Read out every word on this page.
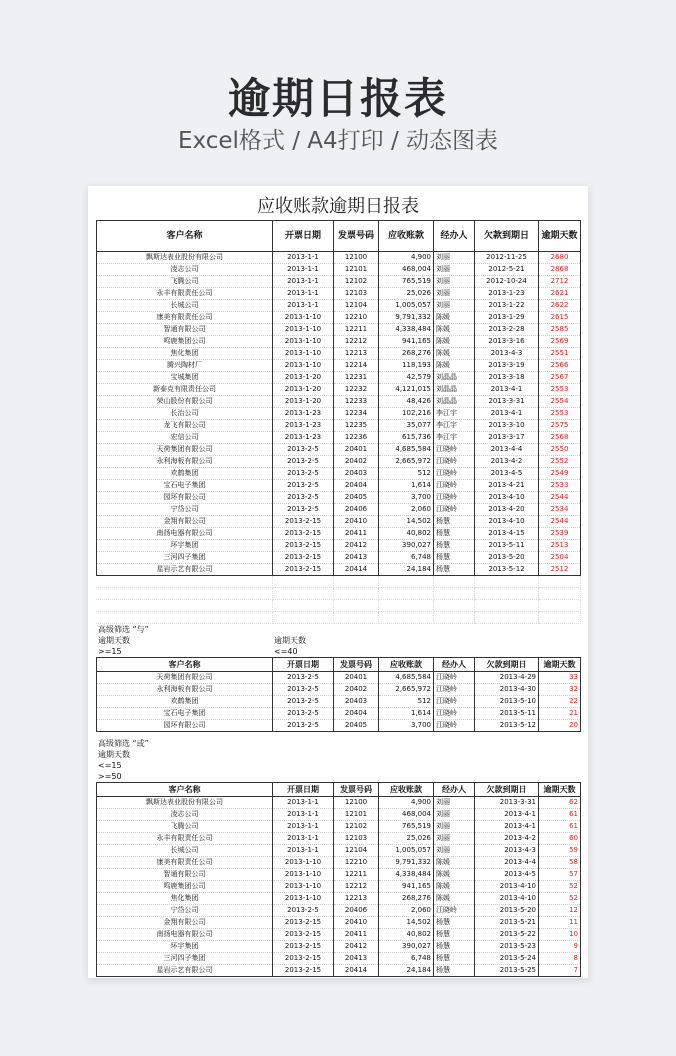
逾期日报表
Excel格式 / A4打印 / 动态图表
应收账款逾期日报表
客户名称	开票日期	发票号码	应收账款	经办人	欠款到期日	逾期天数
飘斯达表业股份有限公司	2013-1-1	12100	4,900	刘丽	2012-11-25	2680
凌志公司	2013-1-1	12101	468,004	刘丽	2012-5-21	2868
飞腾公司	2013-1-1	12102	765,519	刘丽	2012-10-24	2712
永丰有限责任公司	2013-1-1	12103	25,026	刘丽	2013-1-23	2621
长城公司	2013-1-1	12104	1,005,057	刘丽	2013-1-22	2622
康美有限责任公司	2013-1-10	12210	9,791,332	陈媛	2013-1-29	2615
智通有限公司	2013-1-10	12211	4,338,484	陈媛	2013-2-28	2585
鸣鹿集团公司	2013-1-10	12212	941,165	陈媛	2013-3-16	2569
焦化集团	2013-1-10	12213	268,276	陈媛	2013-4-3	2551
腾兴陶材厂	2013-1-10	12214	118,193	陈媛	2013-3-19	2566
宝城集团	2013-1-20	12231	42,579	刘晶晶	2013-3-18	2567
新泰克有限责任公司	2013-1-20	12232	4,121,015	刘晶晶	2013-4-1	2553
荣山股份有限公司	2013-1-20	12233	48,426	刘晶晶	2013-3-31	2554
长治公司	2013-1-23	12234	102,216	李江宇	2013-4-1	2553
龙飞有限公司	2013-1-23	12235	35,077	李江宇	2013-3-10	2575
宏信公司	2013-1-23	12236	615,736	李江宇	2013-3-17	2568
天荷集团有限公司	2013-2-5	20401	4,685,584	江晓岭	2013-4-4	2550
永利海板有限公司	2013-2-5	20402	2,665,972	江晓岭	2013-4-2	2552
欢鹤集团	2013-2-5	20403	512	江晓岭	2013-4-5	2549
宝石电子集团	2013-2-5	20404	1,614	江晓岭	2013-4-21	2533
园环有限公司	2013-2-5	20405	3,700	江晓岭	2013-4-10	2544
宁岱公司	2013-2-5	20406	2,060	江晓岭	2013-4-20	2534
金翔有限公司	2013-2-15	20410	14,502	杨慧	2013-4-10	2544
南扬电器有限公司	2013-2-15	20411	40,802	杨慧	2013-4-15	2539
环宇集团	2013-2-15	20412	390,027	杨慧	2013-5-11	2513
三河四子集团	2013-2-15	20413	6,748	杨慧	2013-5-20	2504
星岩示艺有限公司	2013-2-15	20414	24,184	杨慧	2013-5-12	2512

高级筛选 “与”						
逾期天数	逾期天数					
>=15	<=40					
客户名称	开票日期	发票号码	应收账款	经办人	欠款到期日	逾期天数
天荷集团有限公司	2013-2-5	20401	4,685,584	江晓岭	2013-4-29	33
永利海板有限公司	2013-2-5	20402	2,665,972	江晓岭	2013-4-30	32
欢鹤集团	2013-2-5	20403	512	江晓岭	2013-5-10	22
宝石电子集团	2013-2-5	20404	1,614	江晓岭	2013-5-11	21
园环有限公司	2013-2-5	20405	3,700	江晓岭	2013-5-12	20
高级筛选 “或”						
逾期天数						
<=15						
>=50						
客户名称	开票日期	发票号码	应收账款	经办人	欠款到期日	逾期天数
飘斯达表业股份有限公司	2013-1-1	12100	4,900	刘丽	2013-3-31	62
凌志公司	2013-1-1	12101	468,004	刘丽	2013-4-1	61
飞腾公司	2013-1-1	12102	765,519	刘丽	2013-4-1	61
永丰有限责任公司	2013-1-1	12103	25,026	刘丽	2013-4-2	60
长城公司	2013-1-1	12104	1,005,057	刘丽	2013-4-3	59
康美有限责任公司	2013-1-10	12210	9,791,332	陈媛	2013-4-4	58
智通有限公司	2013-1-10	12211	4,338,484	陈媛	2013-4-5	57
鸣鹿集团公司	2013-1-10	12212	941,165	陈媛	2013-4-10	52
焦化集团	2013-1-10	12213	268,276	陈媛	2013-4-10	52
宁岱公司	2013-2-5	20406	2,060	江晓岭	2013-5-20	12
金翔有限公司	2013-2-15	20410	14,502	杨慧	2013-5-21	11
南扬电器有限公司	2013-2-15	20411	40,802	杨慧	2013-5-22	10
环宇集团	2013-2-15	20412	390,027	杨慧	2013-5-23	9
三河四子集团	2013-2-15	20413	6,748	杨慧	2013-5-24	8
星岩示艺有限公司	2013-2-15	20414	24,184	杨慧	2013-5-25	7
